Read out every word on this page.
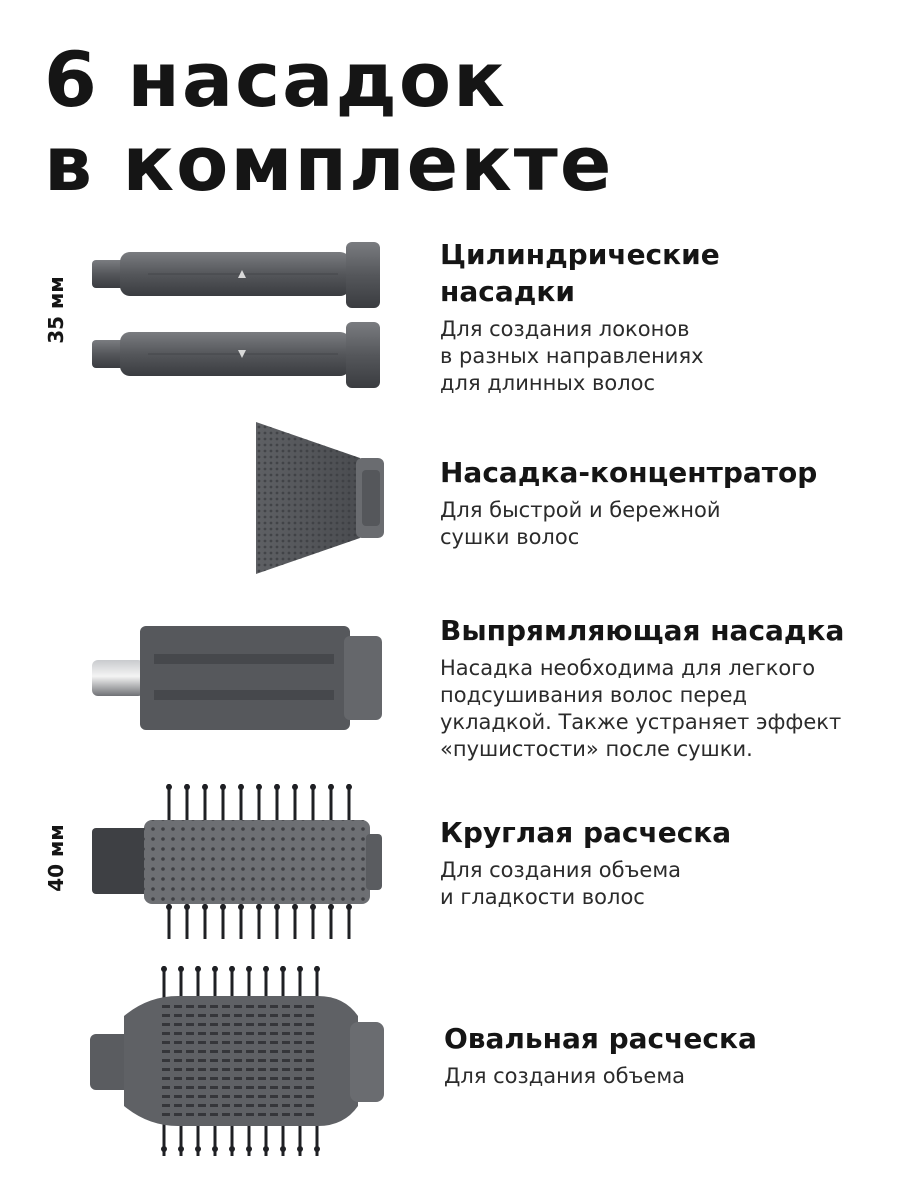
6 насадок
в комплекте
35 мм
Цилиндрические
насадки
Для создания локонов
в разных направлениях
для длинных волос
Насадка-концентратор
Для быстрой и бережной
сушки волос
Выпрямляющая насадка
Насадка необходима для легкого
подсушивания волос перед
укладкой. Также устраняет эффект
«пушистости» после сушки.
40 мм	Круглая расческа
Для создания объема
и гладкости волос
Овальная расческа
Для создания объема
